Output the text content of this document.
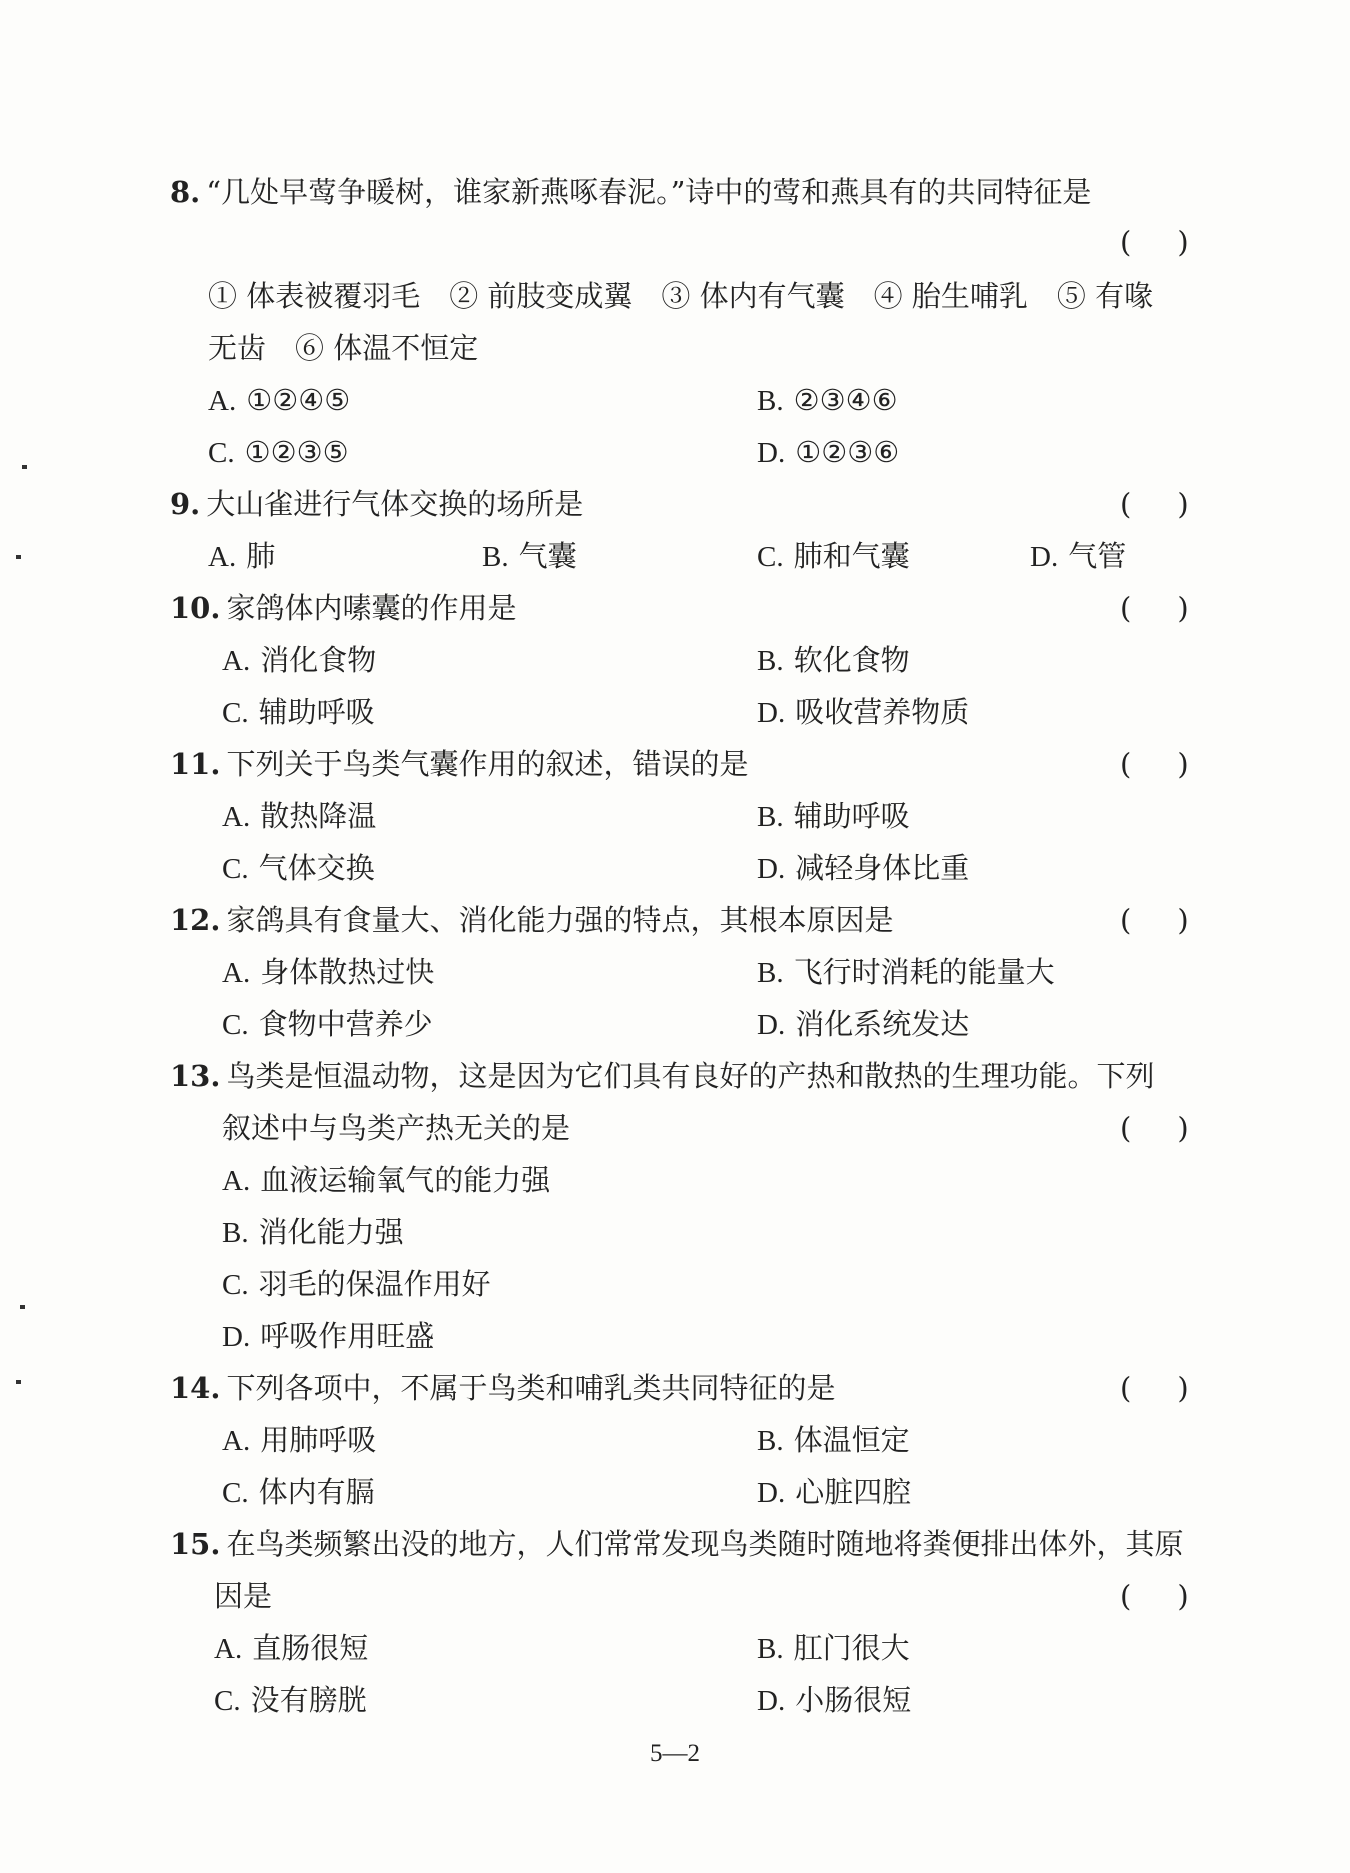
8. “几处早莺争暖树，谁家新燕啄春泥。”诗中的莺和燕具有的共同特征是
(     )
① 体表被覆羽毛　② 前肢变成翼　③ 体内有气囊　④ 胎生哺乳　⑤ 有喙
无齿　⑥ 体温不恒定
A. ①②④⑤	B. ②③④⑥
C. ①②③⑤	D. ①②③⑥
9. 大山雀进行气体交换的场所是	(     )
A. 肺	B. 气囊	C. 肺和气囊	D. 气管
10. 家鸽体内嗉囊的作用是	(     )
A. 消化食物	B. 软化食物
C. 辅助呼吸	D. 吸收营养物质
11. 下列关于鸟类气囊作用的叙述，错误的是	(     )
A. 散热降温	B. 辅助呼吸
C. 气体交换	D. 减轻身体比重
12. 家鸽具有食量大、消化能力强的特点，其根本原因是	(     )
A. 身体散热过快	B. 飞行时消耗的能量大
C. 食物中营养少	D. 消化系统发达
13. 鸟类是恒温动物，这是因为它们具有良好的产热和散热的生理功能。下列
叙述中与鸟类产热无关的是	(     )
A. 血液运输氧气的能力强
B. 消化能力强
C. 羽毛的保温作用好
D. 呼吸作用旺盛
14. 下列各项中，不属于鸟类和哺乳类共同特征的是	(     )
A. 用肺呼吸	B. 体温恒定
C. 体内有膈	D. 心脏四腔
15. 在鸟类频繁出没的地方，人们常常发现鸟类随时随地将粪便排出体外，其原
因是	(     )
A. 直肠很短	B. 肛门很大
C. 没有膀胱	D. 小肠很短
5—2
